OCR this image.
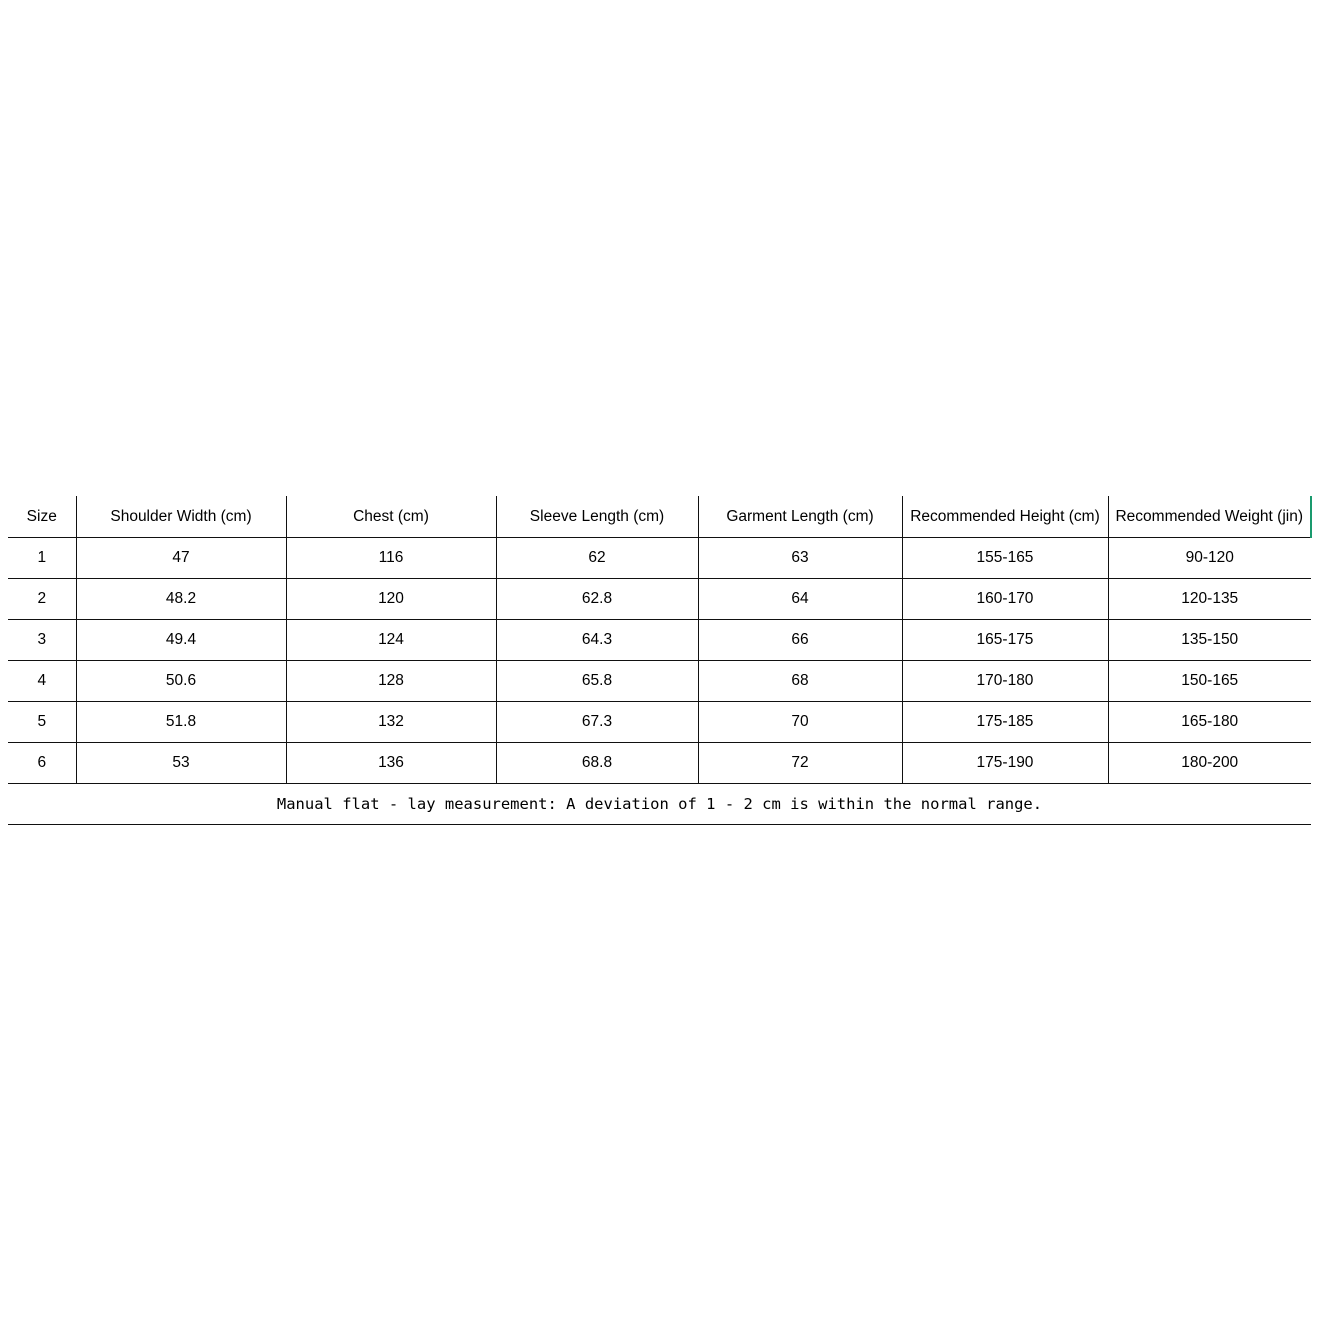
Size	Shoulder Width (cm)	Chest (cm)	Sleeve Length (cm)	Garment Length (cm)	Recommended Height (cm)	Recommended Weight (jin)
1	47	116	62	63	155-165	90-120
2	48.2	120	62.8	64	160-170	120-135
3	49.4	124	64.3	66	165-175	135-150
4	50.6	128	65.8	68	170-180	150-165
5	51.8	132	67.3	70	175-185	165-180
6	53	136	68.8	72	175-190	180-200
Manual flat - lay measurement: A deviation of 1 - 2 cm is within the normal range.						
